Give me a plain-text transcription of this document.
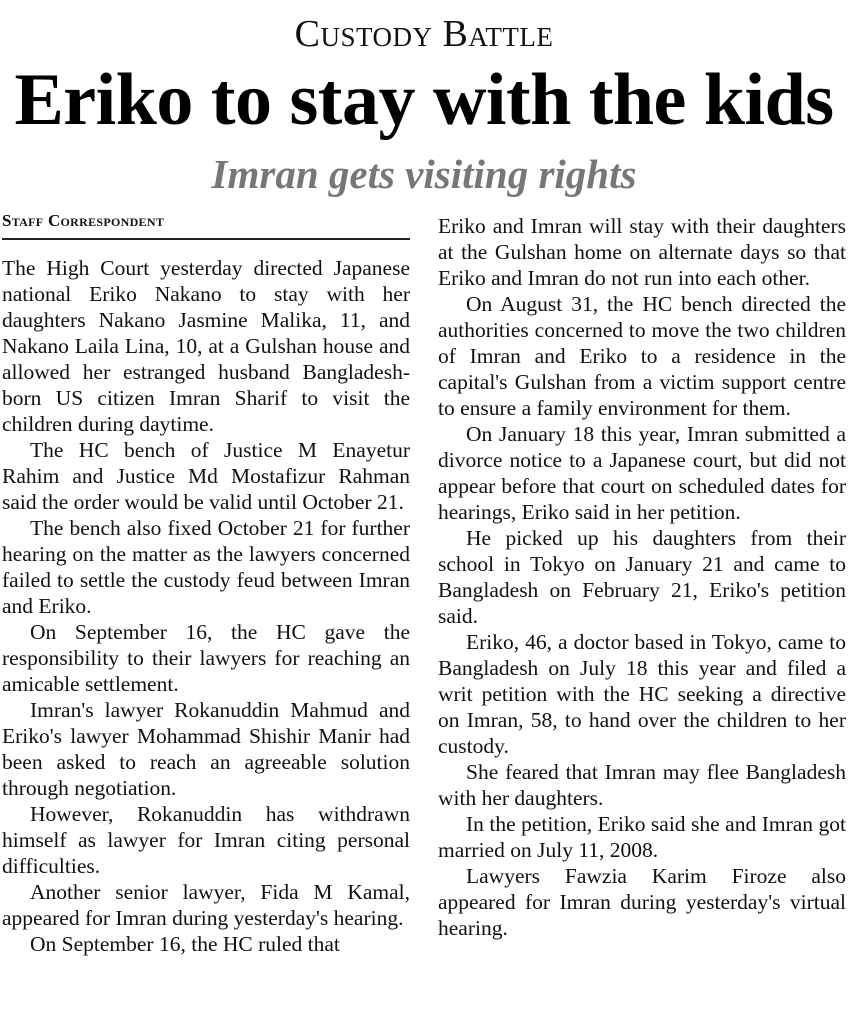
Custody Battle
Eriko to stay with the kids
Imran gets visiting rights
Staff Correspondent

The High Court yesterday directed Japanese national Eriko Nakano to stay with her daughters Nakano Jasmine Malika, 11, and Nakano Laila Lina, 10, at a Gulshan house and allowed her estranged husband Bangladesh-born US citizen Imran Sharif to visit the children during daytime.

The HC bench of Justice M Enayetur Rahim and Justice Md Mostafizur Rahman said the order would be valid until October 21.

The bench also fixed October 21 for further hearing on the matter as the lawyers concerned failed to settle the custody feud between Imran and Eriko.

On September 16, the HC gave the responsibility to their lawyers for reaching an amicable settlement.

Imran's lawyer Rokanuddin Mahmud and Eriko's lawyer Mohammad Shishir Manir had been asked to reach an agreeable solution through negotiation.

However, Rokanuddin has withdrawn himself as lawyer for Imran citing personal difficulties.

Another senior lawyer, Fida M Kamal, appeared for Imran during yesterday's hearing.

On September 16, the HC ruled that

Eriko and Imran will stay with their daughters at the Gulshan home on alternate days so that Eriko and Imran do not run into each other.

On August 31, the HC bench directed the authorities concerned to move the two children of Imran and Eriko to a residence in the capital's Gulshan from a victim support centre to ensure a family environment for them.

On January 18 this year, Imran submitted a divorce notice to a Japanese court, but did not appear before that court on scheduled dates for hearings, Eriko said in her petition.

He picked up his daughters from their school in Tokyo on January 21 and came to Bangladesh on February 21, Eriko's petition said.

Eriko, 46, a doctor based in Tokyo, came to Bangladesh on July 18 this year and filed a writ petition with the HC seeking a directive on Imran, 58, to hand over the children to her custody.

She feared that Imran may flee Bangladesh with her daughters.

In the petition, Eriko said she and Imran got married on July 11, 2008.

Lawyers Fawzia Karim Firoze also appeared for Imran during yesterday's virtual hearing.
